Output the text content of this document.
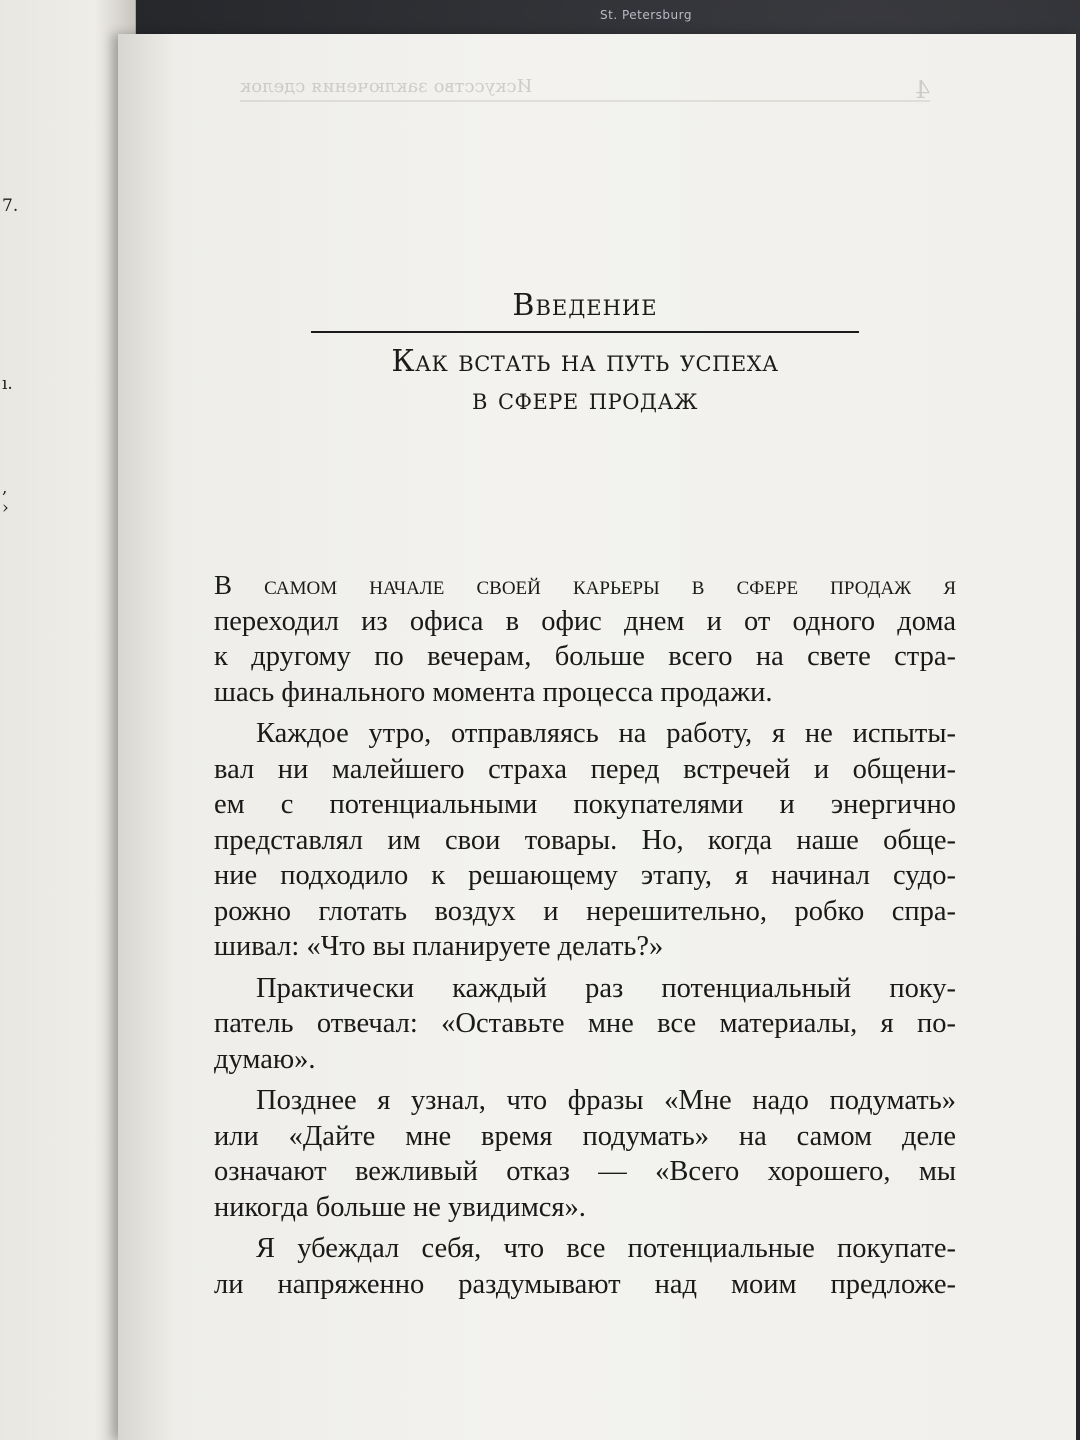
St. Petersburg
7.
ı.
,
›
Искусство заключения сделок	4
Введение
Как встать на путь успеха
в сфере продаж
В самом начале своей карьеры в сфере продаж я
переходил из офиса в офис днем и от одного дома
к другому по вечерам, больше всего на свете стра-
шась финального момента процесса продажи.
Каждое утро, отправляясь на работу, я не испыты-
вал ни малейшего страха перед встречей и общени-
ем с потенциальными покупателями и энергично
представлял им свои товары. Но, когда наше обще-
ние подходило к решающему этапу, я начинал судо-
рожно глотать воздух и нерешительно, робко спра-
шивал: «Что вы планируете делать?»
Практически каждый раз потенциальный поку-
патель отвечал: «Оставьте мне все материалы, я по-
думаю».
Позднее я узнал, что фразы «Мне надо подумать»
или «Дайте мне время подумать» на самом деле
означают вежливый отказ — «Всего хорошего, мы
никогда больше не увидимся».
Я убеждал себя, что все потенциальные покупате-
ли напряженно раздумывают над моим предложе-
